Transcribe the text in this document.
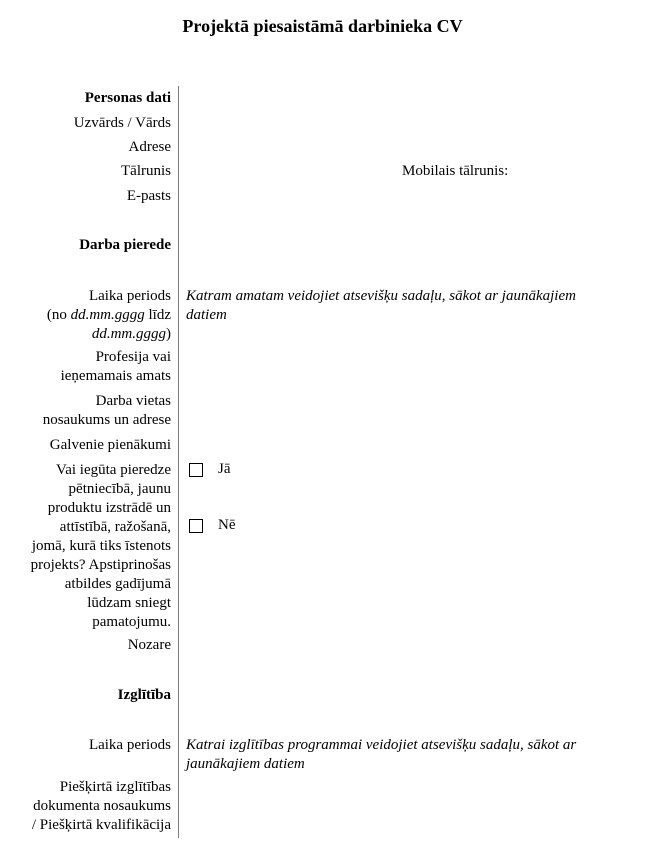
Projektā piesaistāmā darbinieka CV
Personas dati
Uzvārds / Vārds
Adrese
Tālrunis	Mobilais tālrunis:
E-pasts
Darba pierede
Laika periods
(no dd.mm.gggg līdz
dd.mm.gggg)
Katram amatam veidojiet atsevišķu sadaļu, sākot ar jaunākajiem datiem
Profesija vai
ieņemamais amats
Darba vietas
nosaukums un adrese
Galvenie pienākumi
Vai iegūta pieredze
pētniecībā, jaunu
produktu izstrādē un
attīstībā, ražošanā,
jomā, kurā tiks īstenots
projekts? Apstiprinošas
atbildes gadījumā
lūdzam sniegt
pamatojumu.
Jā
Nē
Nozare
Izglītība
Laika periods Katrai izglītības programmai veidojiet atsevišķu sadaļu, sākot ar jaunākajiem datiem
Piešķirtā izglītības
dokumenta nosaukums
/ Piešķirtā kvalifikācija
